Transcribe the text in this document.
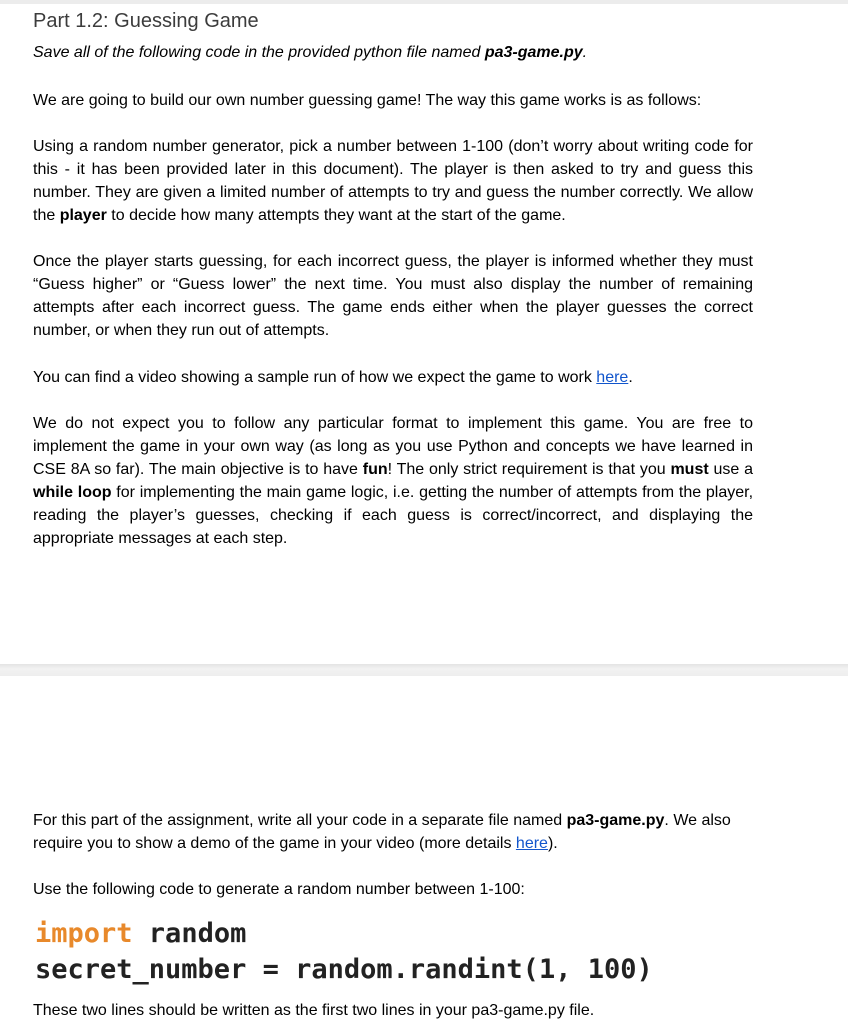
Part 1.2: Guessing Game

Save all of the following code in the provided python file named pa3-game.py.

We are going to build our own number guessing game! The way this game works is as follows:

Using a random number generator, pick a number between 1-100 (don’t worry about writing code for this - it has been provided later in this document). The player is then asked to try and guess this number. They are given a limited number of attempts to try and guess the number correctly. We allow the player to decide how many attempts they want at the start of the game.

Once the player starts guessing, for each incorrect guess, the player is informed whether they must “Guess higher” or “Guess lower” the next time. You must also display the number of remaining attempts after each incorrect guess. The game ends either when the player guesses the correct number, or when they run out of attempts.

You can find a video showing a sample run of how we expect the game to work here.

We do not expect you to follow any particular format to implement this game. You are free to implement the game in your own way (as long as you use Python and concepts we have learned in CSE 8A so far). The main objective is to have fun! The only strict requirement is that you must use a while loop for implementing the main game logic, i.e. getting the number of attempts from the player, reading the player’s guesses, checking if each guess is correct/incorrect, and displaying the appropriate messages at each step.

For this part of the assignment, write all your code in a separate file named pa3-game.py. We also require you to show a demo of the game in your video (more details here).

Use the following code to generate a random number between 1-100:

import random
secret_number = random.randint(1, 100)

These two lines should be written as the first two lines in your pa3-game.py file.
